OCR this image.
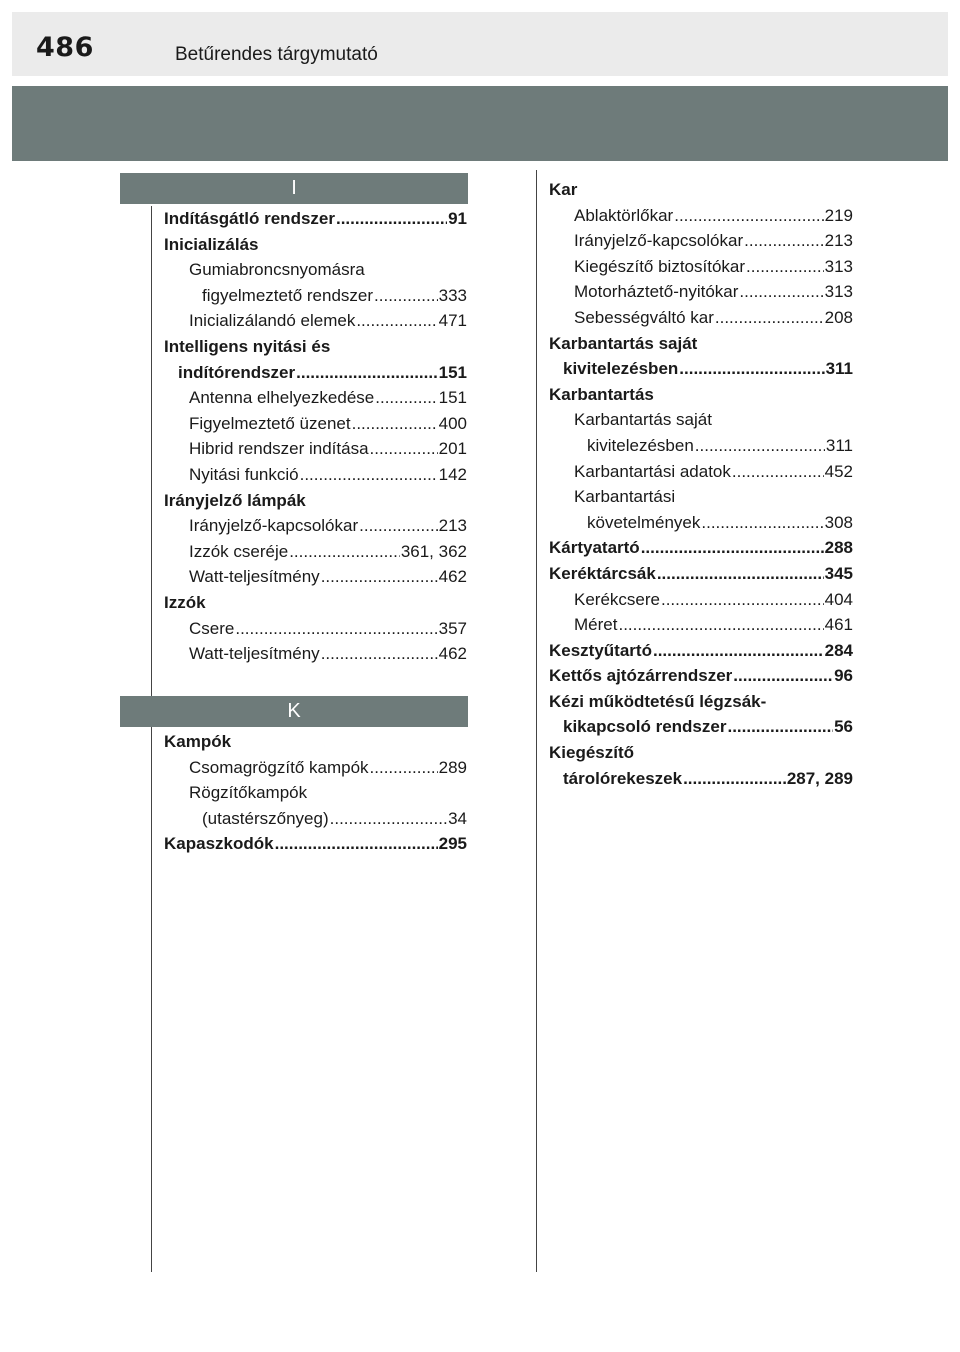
486	Betűrendes tárgymutató
I
Indításgátló rendszer .....	91
Inicializálás
Gumiabroncsnyomásra
figyelmeztető rendszer .....	333
Inicializálandó elemek .....	471
Intelligens nyitási és
indítórendszer .....	151
Antenna elhelyezkedése .....	151
Figyelmeztető üzenet .....	400
Hibrid rendszer indítása .....	201
Nyitási funkció .....	142
Irányjelző lámpák
Irányjelző-kapcsolókar .....	213
Izzók cseréje .....	361, 362
Watt-teljesítmény .....	462
Izzók
Csere .....	357
Watt-teljesítmény .....	462
K
Kampók
Csomagrögzítő kampók .....	289
Rögzítőkampók
(utastérszőnyeg) .....	34
Kapaszkodók .....	295
Kar
Ablaktörlőkar .....	219
Irányjelző-kapcsolókar .....	213
Kiegészítő biztosítókar .....	313
Motorháztető-nyitókar .....	313
Sebességváltó kar .....	208
Karbantartás saját
kivitelezésben .....	311
Karbantartás
Karbantartás saját
kivitelezésben .....	311
Karbantartási adatok .....	452
Karbantartási
követelmények .....	308
Kártyatartó .....	288
Keréktárcsák .....	345
Kerékcsere .....	404
Méret .....	461
Kesztyűtartó .....	284
Kettős ajtózárrendszer .....	96
Kézi működtetésű légzsák-
kikapcsoló rendszer .....	56
Kiegészítő
tárolórekeszek .....	287, 289
